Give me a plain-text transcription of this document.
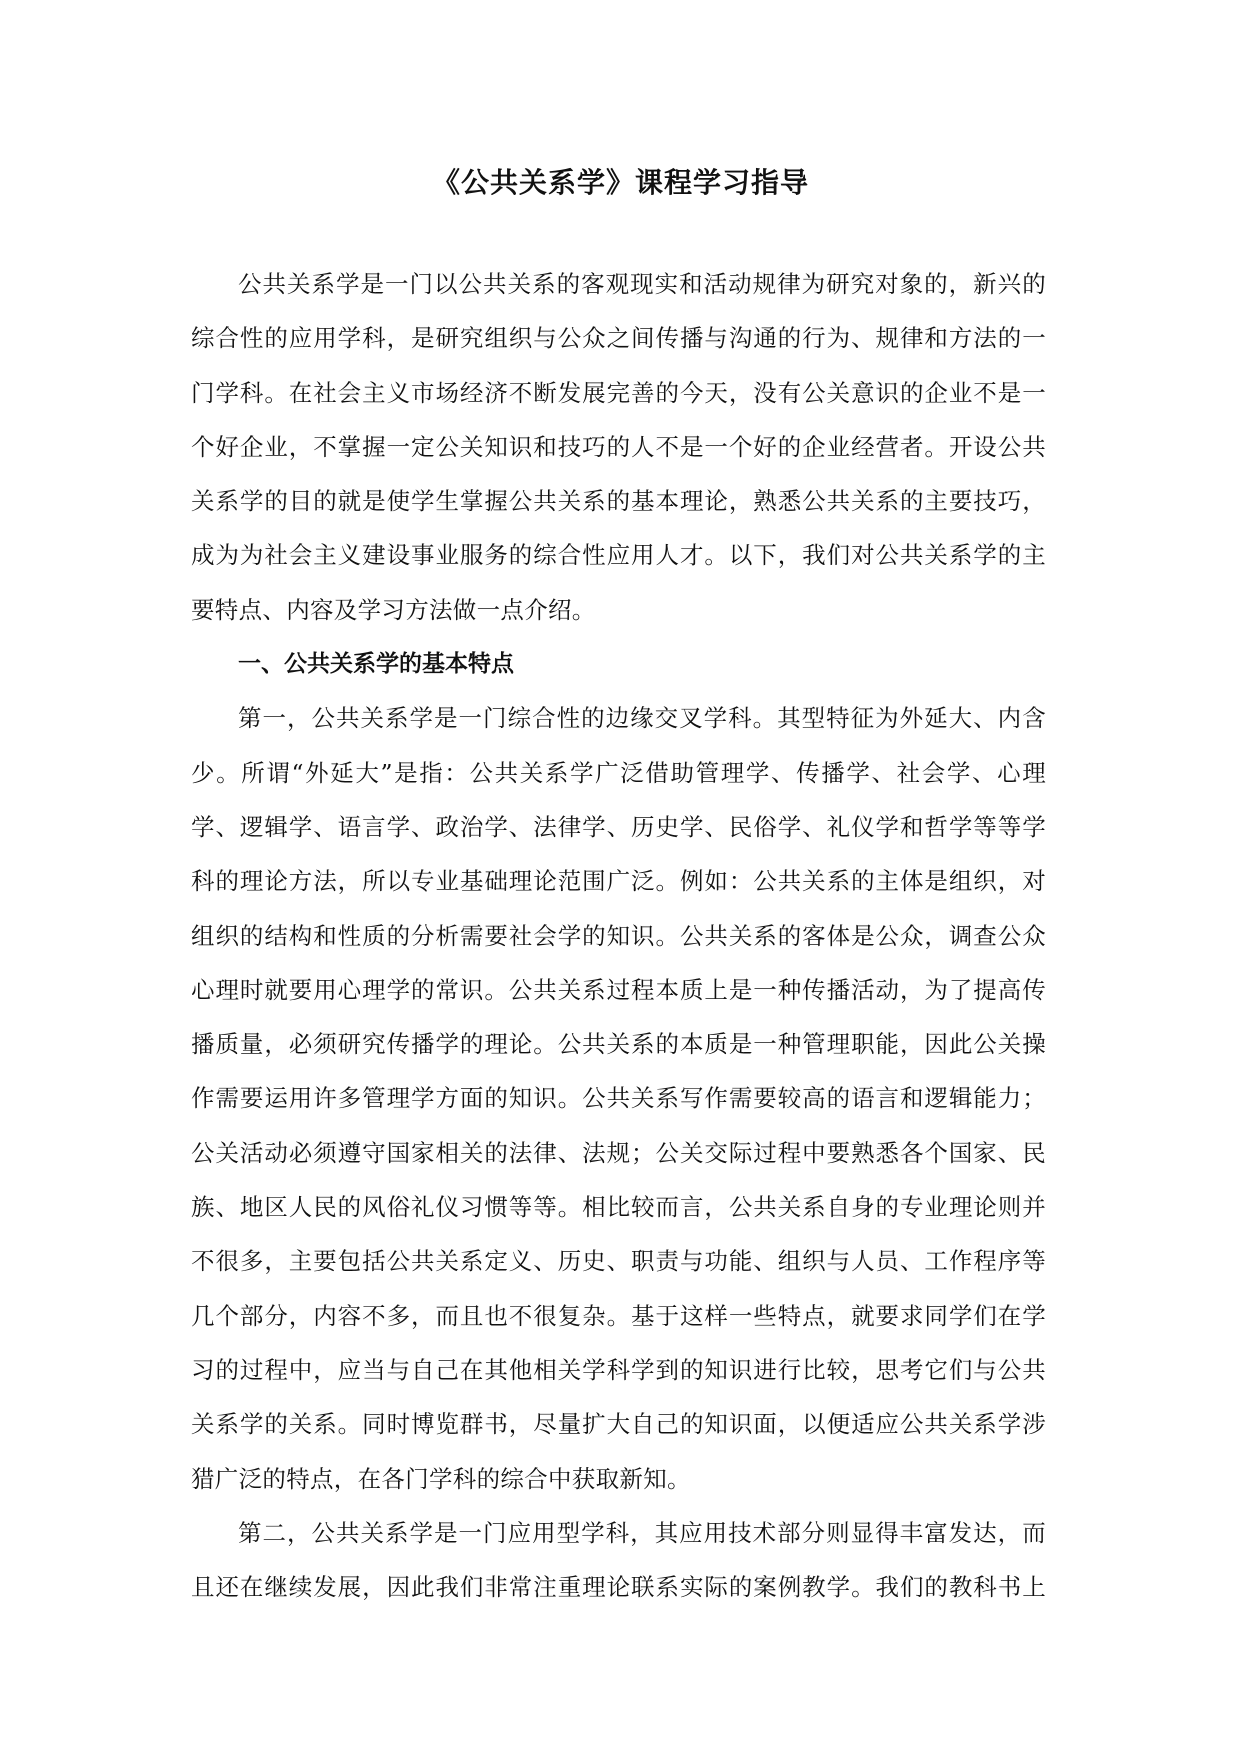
《公共关系学》课程学习指导
公共关系学是一门以公共关系的客观现实和活动规律为研究对象的，新兴的
综合性的应用学科，是研究组织与公众之间传播与沟通的行为、规律和方法的一
门学科。在社会主义市场经济不断发展完善的今天，没有公关意识的企业不是一
个好企业，不掌握一定公关知识和技巧的人不是一个好的企业经营者。开设公共
关系学的目的就是使学生掌握公共关系的基本理论，熟悉公共关系的主要技巧，
成为为社会主义建设事业服务的综合性应用人才。以下，我们对公共关系学的主
要特点、内容及学习方法做一点介绍。
一、公共关系学的基本特点
第一，公共关系学是一门综合性的边缘交叉学科。其型特征为外延大、内含
少。所谓“外延大”是指：公共关系学广泛借助管理学、传播学、社会学、心理
学、逻辑学、语言学、政治学、法律学、历史学、民俗学、礼仪学和哲学等等学
科的理论方法，所以专业基础理论范围广泛。例如：公共关系的主体是组织，对
组织的结构和性质的分析需要社会学的知识。公共关系的客体是公众，调查公众
心理时就要用心理学的常识。公共关系过程本质上是一种传播活动，为了提高传
播质量，必须研究传播学的理论。公共关系的本质是一种管理职能，因此公关操
作需要运用许多管理学方面的知识。公共关系写作需要较高的语言和逻辑能力；
公关活动必须遵守国家相关的法律、法规；公关交际过程中要熟悉各个国家、民
族、地区人民的风俗礼仪习惯等等。相比较而言，公共关系自身的专业理论则并
不很多，主要包括公共关系定义、历史、职责与功能、组织与人员、工作程序等
几个部分，内容不多，而且也不很复杂。基于这样一些特点，就要求同学们在学
习的过程中，应当与自己在其他相关学科学到的知识进行比较，思考它们与公共
关系学的关系。同时博览群书，尽量扩大自己的知识面，以便适应公共关系学涉
猎广泛的特点，在各门学科的综合中获取新知。
第二，公共关系学是一门应用型学科，其应用技术部分则显得丰富发达，而
且还在继续发展，因此我们非常注重理论联系实际的案例教学。我们的教科书上
